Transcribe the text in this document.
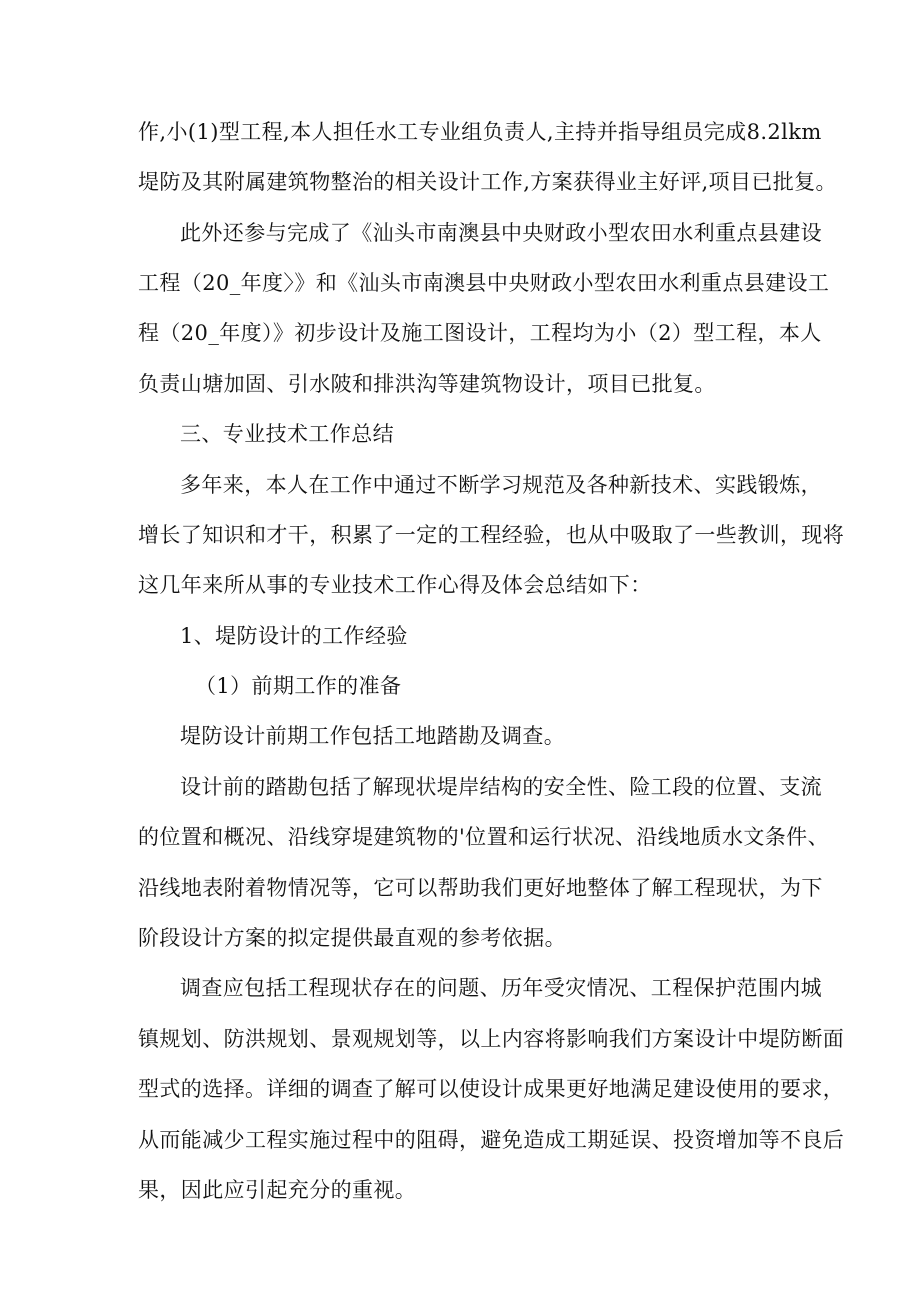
作,小(1)型工程,本人担任水工专业组负责人,主持并指导组员完成8.2lkm
堤防及其附属建筑物整治的相关设计工作,方案获得业主好评,项目已批复。
此外还参与完成了《汕头市南澳县中央财政小型农田水利重点县建设
工程（20_年度〉》和《汕头市南澳县中央财政小型农田水利重点县建设工
程（20_年度）》初步设计及施工图设计，工程均为小（2）型工程，本人
负责山塘加固、引水陂和排洪沟等建筑物设计，项目已批复。
三、专业技术工作总结
多年来，本人在工作中通过不断学习规范及各种新技术、实践锻炼，
增长了知识和才干，积累了一定的工程经验，也从中吸取了一些教训，现将
这几年来所从事的专业技术工作心得及体会总结如下：
1、堤防设计的工作经验
（1）前期工作的准备
堤防设计前期工作包括工地踏勘及调查。
设计前的踏勘包括了解现状堤岸结构的安全性、险工段的位置、支流
的位置和概况、沿线穿堤建筑物的'位置和运行状况、沿线地质水文条件、
沿线地表附着物情况等，它可以帮助我们更好地整体了解工程现状，为下
阶段设计方案的拟定提供最直观的参考依据。
调查应包括工程现状存在的问题、历年受灾情况、工程保护范围内城
镇规划、防洪规划、景观规划等，以上内容将影响我们方案设计中堤防断面
型式的选择。详细的调查了解可以使设计成果更好地满足建设使用的要求，
从而能减少工程实施过程中的阻碍，避免造成工期延误、投资增加等不良后
果，因此应引起充分的重视。
